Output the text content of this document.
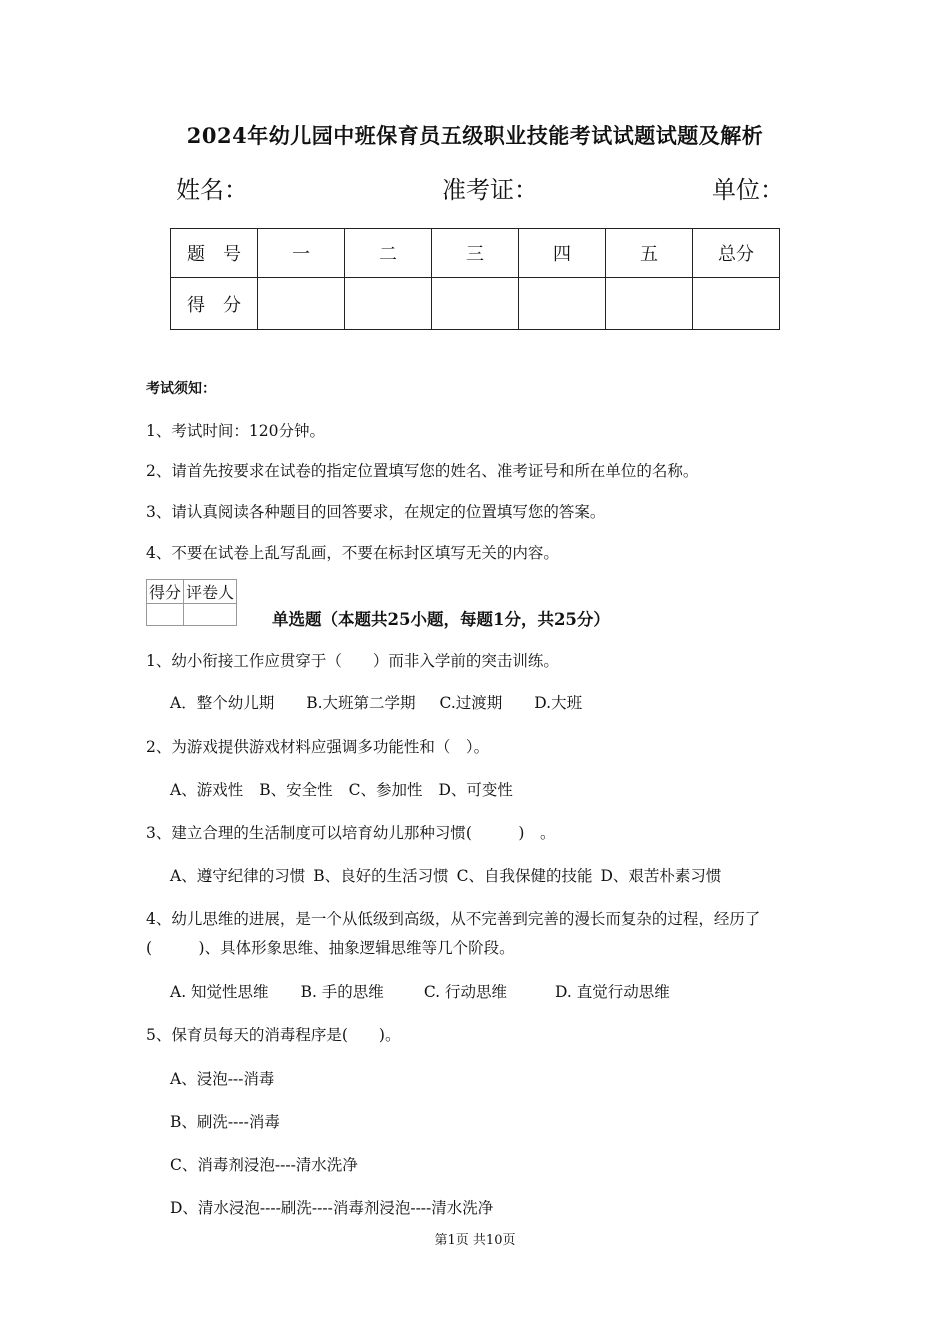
2024年幼儿园中班保育员五级职业技能考试试题试题及解析
姓名：	准考证：	单位：
题　号	一	二	三	四	五	总分
得　分						
考试须知：
1、考试时间：120分钟。
2、请首先按要求在试卷的指定位置填写您的姓名、准考证号和所在单位的名称。
3、请认真阅读各种题目的回答要求，在规定的位置填写您的答案。
4、不要在试卷上乱写乱画，不要在标封区填写无关的内容。
得分	评卷人

单选题（本题共25小题，每题1分，共25分）
1、幼小衔接工作应贯穿于（　　）而非入学前的突击训练。
A．整个幼儿期 B.大班第二学期 C.过渡期 D.大班
2、为游戏提供游戏材料应强调多功能性和（　）。
A、游戏性 B、安全性 C、参加性 D、可变性
3、建立合理的生活制度可以培育幼儿那种习惯(　　　)　。
A、遵守纪律的习惯 B、良好的生活习惯 C、自我保健的技能 D、艰苦朴素习惯
4、幼儿思维的进展，是一个从低级到高级，从不完善到完善的漫长而复杂的过程，经历了
(　　　)、具体形象思维、抽象逻辑思维等几个阶段。
A. 知觉性思维 B. 手的思维	C. 行动思维	D. 直觉行动思维
5、保育员每天的消毒程序是(　　)。
A、浸泡---消毒
B、刷洗----消毒
C、消毒剂浸泡----清水洗净
D、清水浸泡----刷洗----消毒剂浸泡----清水洗净
第1页 共10页
